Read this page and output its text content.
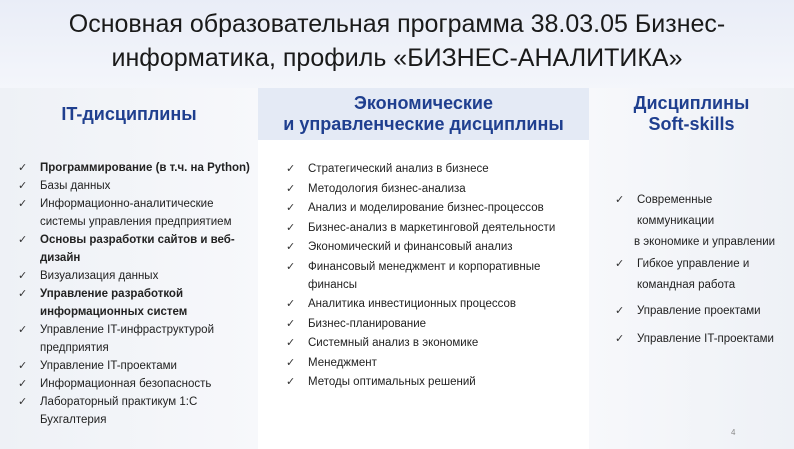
Основная образовательная программа 38.03.05 Бизнес-
информатика, профиль «БИЗНЕС-АНАЛИТИКА»
IT-дисциплины
Экономические
и управленческие дисциплины
Дисциплины
Soft-skills
✓	Программирование (в т.ч. на Python)
✓	Базы данных
✓	Информационно-аналитические
системы управления предприятием
✓	Основы разработки сайтов и веб-
дизайн
✓	Визуализация данных
✓	Управление разработкой
информационных систем
✓	Управление IT-инфраструктурой
предприятия
✓	Управление IT-проектами
✓	Информационная безопасность
✓	Лабораторный практикум 1:С
Бухгалтерия
✓	Стратегический анализ в бизнесе
✓	Методология бизнес-анализа
✓	Анализ и моделирование бизнес-процессов
✓	Бизнес-анализ в маркетинговой деятельности
✓	Экономический и финансовый анализ
✓	Финансовый менеджмент и корпоративные
финансы
✓	Аналитика инвестиционных процессов
✓	Бизнес-планирование
✓	Системный анализ в экономике
✓	Менеджмент
✓	Методы оптимальных решений
✓	Современные
коммуникации
в экономике и управлении
✓	Гибкое управление и
командная работа
✓	Управление проектами
✓	Управление IT-проектами
4
